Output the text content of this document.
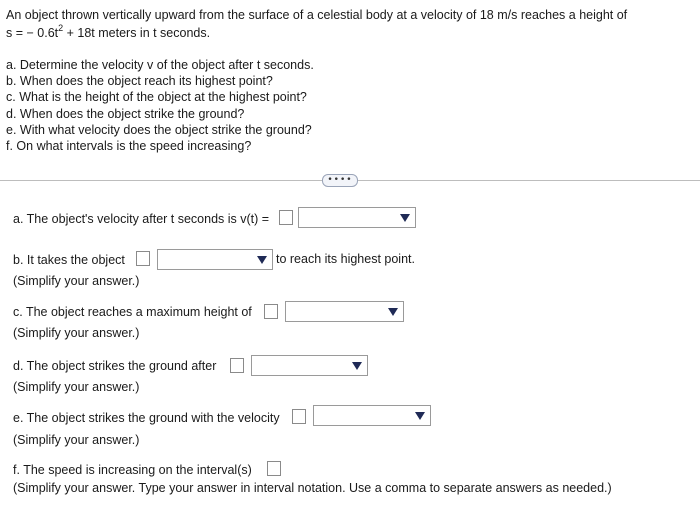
An object thrown vertically upward from the surface of a celestial body at a velocity of 18 m/s reaches a height of
s = − $0.6t^2 + 18t$ meters in t seconds.
a. Determine the velocity v of the object after t seconds.
b. When does the object reach its highest point?
c. What is the height of the object at the highest point?
d. When does the object strike the ground?
e. With what velocity does the object strike the ground?
f. On what intervals is the speed increasing?
••••
a. The object's velocity after t seconds is v(t) =
b. It takes the object	to reach its highest point.
(Simplify your answer.)
c. The object reaches a maximum height of
(Simplify your answer.)
d. The object strikes the ground after
(Simplify your answer.)
e. The object strikes the ground with the velocity
(Simplify your answer.)
f. The speed is increasing on the interval(s)
(Simplify your answer. Type your answer in interval notation. Use a comma to separate answers as needed.)
